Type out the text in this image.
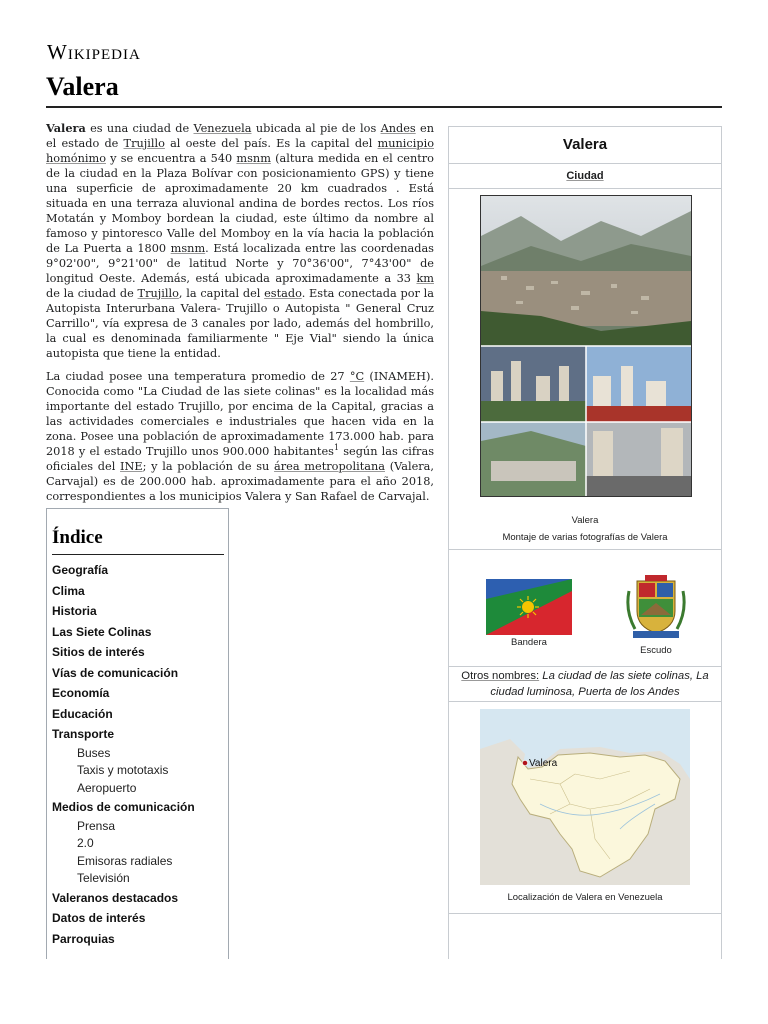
Wikipedia
Valera

Valera es una ciudad de Venezuela ubicada al pie de los Andes en el estado de Trujillo al oeste del país. Es la capital del municipio homónimo y se encuentra a 540 msnm (altura medida en el centro de la ciudad en la Plaza Bolívar con posicionamiento GPS) y tiene una superficie de aproximadamente 20 km cuadrados . Está situada en una terraza aluvional andina de bordes rectos. Los ríos Motatán y Momboy bordean la ciudad, este último da nombre al famoso y pintoresco Valle del Momboy en la vía hacia la población de La Puerta a 1800 msnm. Está localizada entre las coordenadas 9°02'00", 9°21'00" de latitud Norte y 70°36'00", 7°43'00" de longitud Oeste. Además, está ubicada aproximadamente a 33 km de la ciudad de Trujillo, la capital del estado. Esta conectada por la Autopista Interurbana Valera- Trujillo o Autopista " General Cruz Carrillo", vía expresa de 3 canales por lado, además del hombrillo, la cual es denominada familiarmente " Eje Vial" siendo la única autopista que tiene la entidad.

La ciudad posee una temperatura promedio de 27 °C (INAMEH). Conocida como "La Ciudad de las siete colinas" es la localidad más importante del estado Trujillo, por encima de la Capital, gracias a las actividades comerciales e industriales que hacen vida en la zona. Posee una población de aproximadamente 173.000 hab. para 2018 y el estado Trujillo unos 900.000 habitantes$^1$ según las cifras oficiales del INE; y la población de su área metropolitana (Valera, Carvajal) es de 200.000 hab. aproximadamente para el año 2018, correspondientes a los municipios Valera y San Rafael de Carvajal.

Índice
Geografía
Clima
Historia
Las Siete Colinas
Sitios de interés
Vías de comunicación
Economía
Educación
Transporte
Buses
Taxis y mototaxis
Aeropuerto
Medios de comunicación
Prensa
2.0
Emisoras radiales
Televisión
Valeranos destacados
Datos de interés
Parroquias
Valera
Ciudad
Valera
Montaje de varias fotografías de Valera
Bandera
Escudo
Otros nombres: La ciudad de las siete colinas, La ciudad luminosa, Puerta de los Andes
Valera
Localización de Valera en Venezuela
